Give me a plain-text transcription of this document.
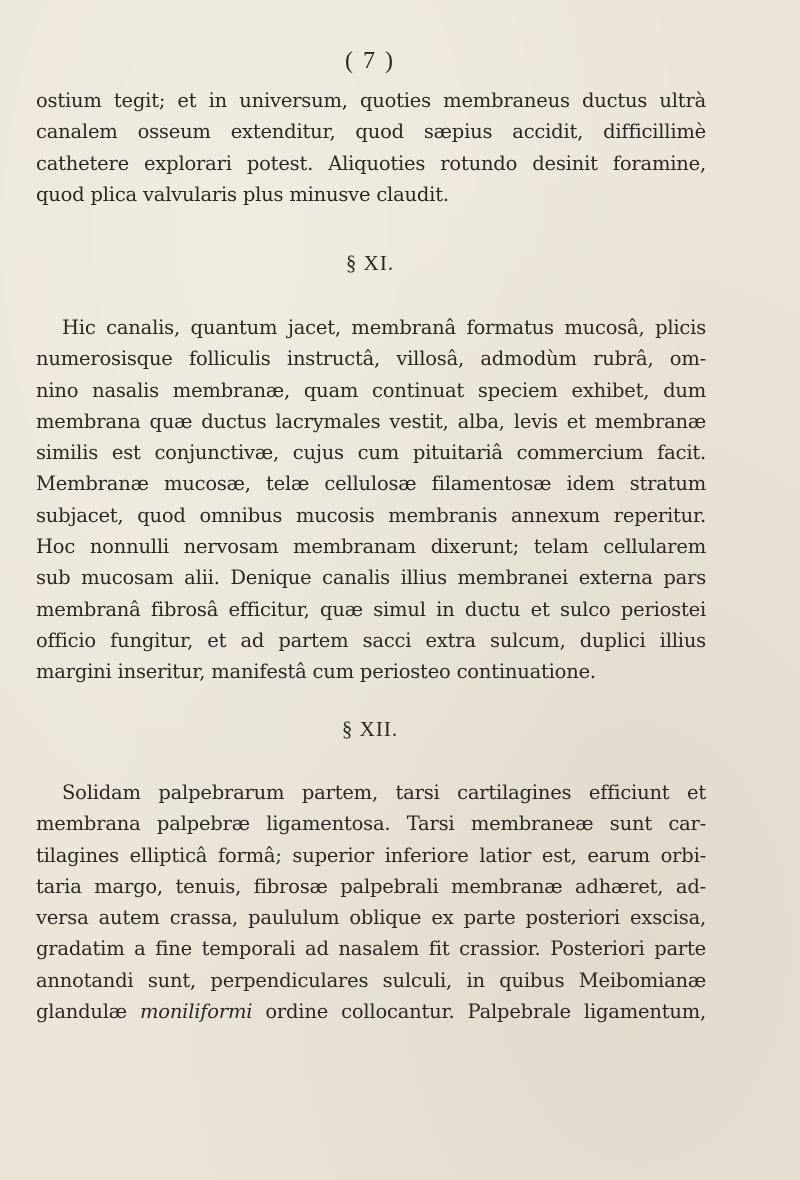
( 7 )
ostium tegit; et in universum, quoties membraneus ductus ultrà
canalem osseum extenditur, quod sæpius accidit, difficillimè
cathetere explorari potest. Aliquoties rotundo desinit foramine,
quod plica valvularis plus minusve claudit.
§ XI.
Hic canalis, quantum jacet, membranâ formatus mucosâ, plicis
numerosisque folliculis instructâ, villosâ, admodùm rubrâ, om-
nino nasalis membranæ, quam continuat speciem exhibet, dum
membrana quæ ductus lacrymales vestit, alba, levis et membranæ
similis est conjunctivæ, cujus cum pituitariâ commercium facit.
Membranæ mucosæ, telæ cellulosæ filamentosæ idem stratum
subjacet, quod omnibus mucosis membranis annexum reperitur.
Hoc nonnulli nervosam membranam dixerunt; telam cellularem
sub mucosam alii. Denique canalis illius membranei externa pars
membranâ fibrosâ efficitur, quæ simul in ductu et sulco periostei
officio fungitur, et ad partem sacci extra sulcum, duplici illius
margini inseritur, manifestâ cum periosteo continuatione.
§ XII.
Solidam palpebrarum partem, tarsi cartilagines efficiunt et
membrana palpebræ ligamentosa. Tarsi membraneæ sunt car-
tilagines ellipticâ formâ; superior inferiore latior est, earum orbi-
taria margo, tenuis, fibrosæ palpebrali membranæ adhæret, ad-
versa autem crassa, paululum oblique ex parte posteriori exscisa,
gradatim a fine temporali ad nasalem fit crassior. Posteriori parte
annotandi sunt, perpendiculares sulculi, in quibus Meibomianæ
glandulæ moniliformi ordine collocantur. Palpebrale ligamentum,
